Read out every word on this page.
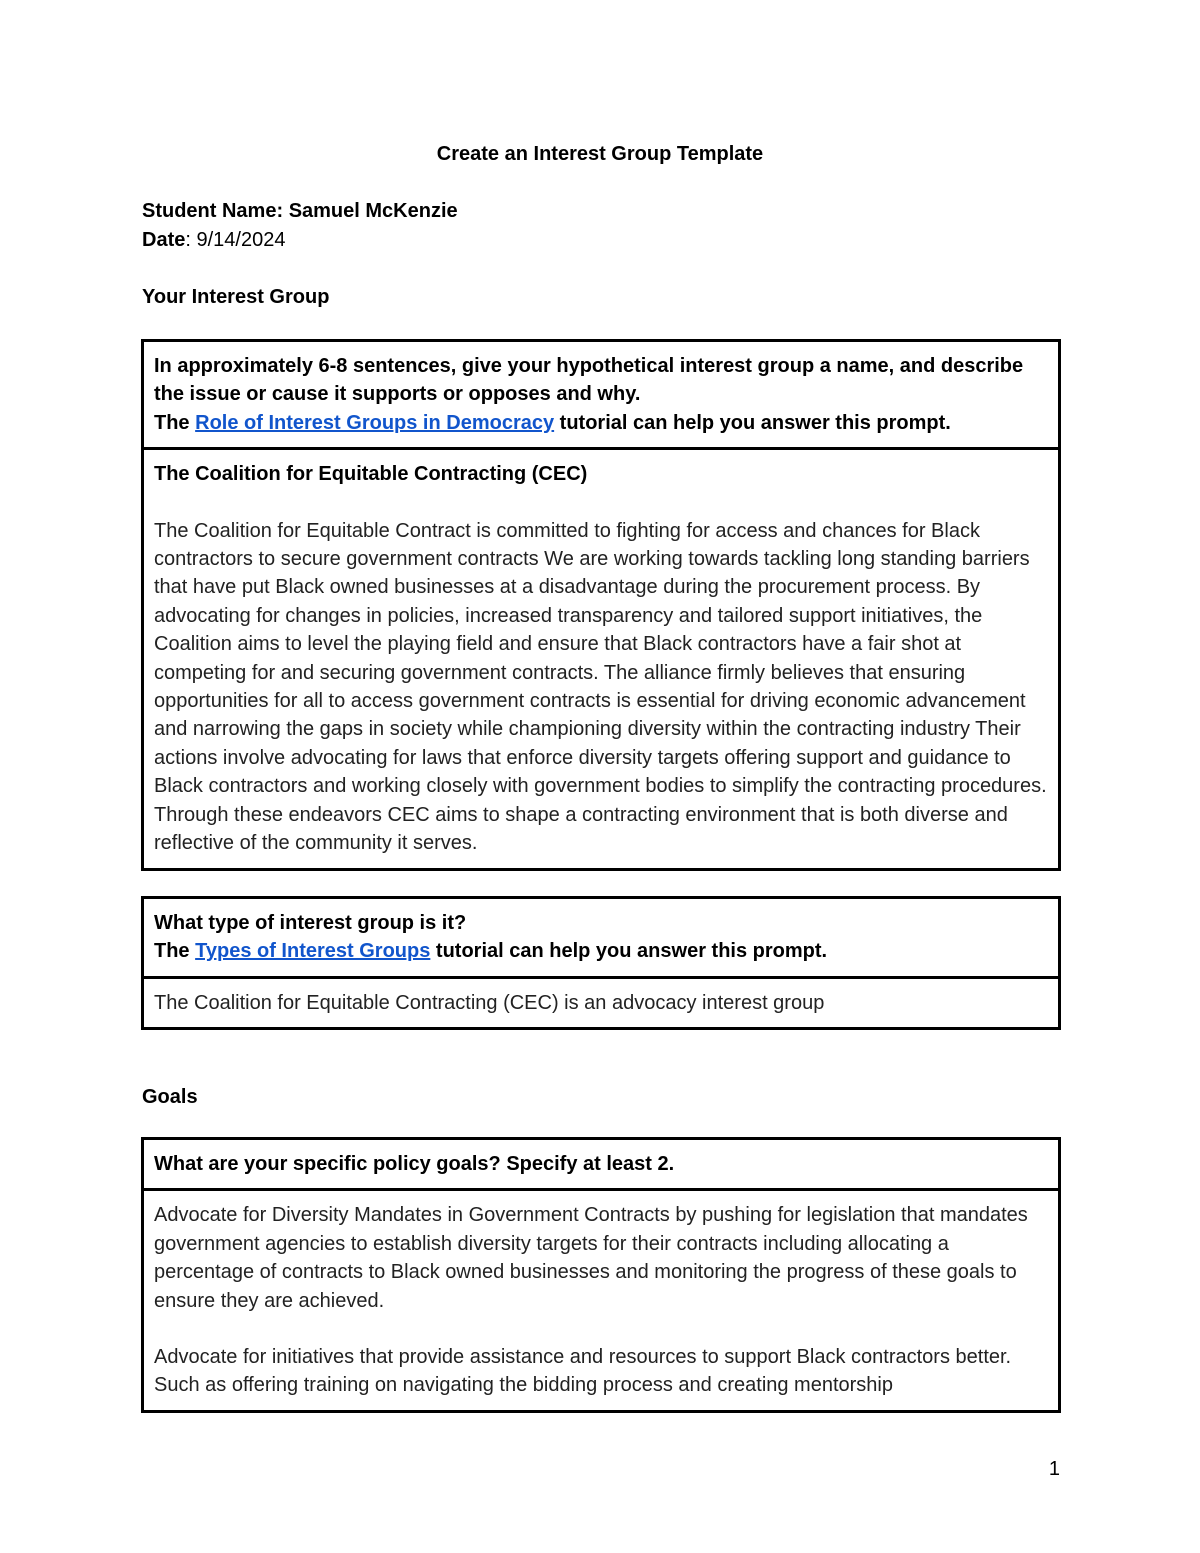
Create an Interest Group Template
Student Name: Samuel McKenzie
Date: 9/14/2024
Your Interest Group
In approximately 6-8 sentences, give your hypothetical interest group a name, and describe the issue or cause it supports or opposes and why.
The Role of Interest Groups in Democracy tutorial can help you answer this prompt.
The Coalition for Equitable Contracting (CEC)
The Coalition for Equitable Contract is committed to fighting for access and chances for Black contractors to secure government contracts We are working towards tackling long standing barriers that have put Black owned businesses at a disadvantage during the procurement process. By advocating for changes in policies, increased transparency and tailored support initiatives, the Coalition aims to level the playing field and ensure that Black contractors have a fair shot at competing for and securing government contracts. The alliance firmly believes that ensuring opportunities for all to access government contracts is essential for driving economic advancement and narrowing the gaps in society while championing diversity within the contracting industry Their actions involve advocating for laws that enforce diversity targets offering support and guidance to Black contractors and working closely with government bodies to simplify the contracting procedures. Through these endeavors CEC aims to shape a contracting environment that is both diverse and reflective of the community it serves.
What type of interest group is it?
The Types of Interest Groups tutorial can help you answer this prompt.
The Coalition for Equitable Contracting (CEC) is an advocacy interest group
Goals
What are your specific policy goals? Specify at least 2.
Advocate for Diversity Mandates in Government Contracts by pushing for legislation that mandates government agencies to establish diversity targets for their contracts including allocating a percentage of contracts to Black owned businesses and monitoring the progress of these goals to ensure they are achieved.
Advocate for initiatives that provide assistance and resources to support Black contractors better. Such as offering training on navigating the bidding process and creating mentorship
1
